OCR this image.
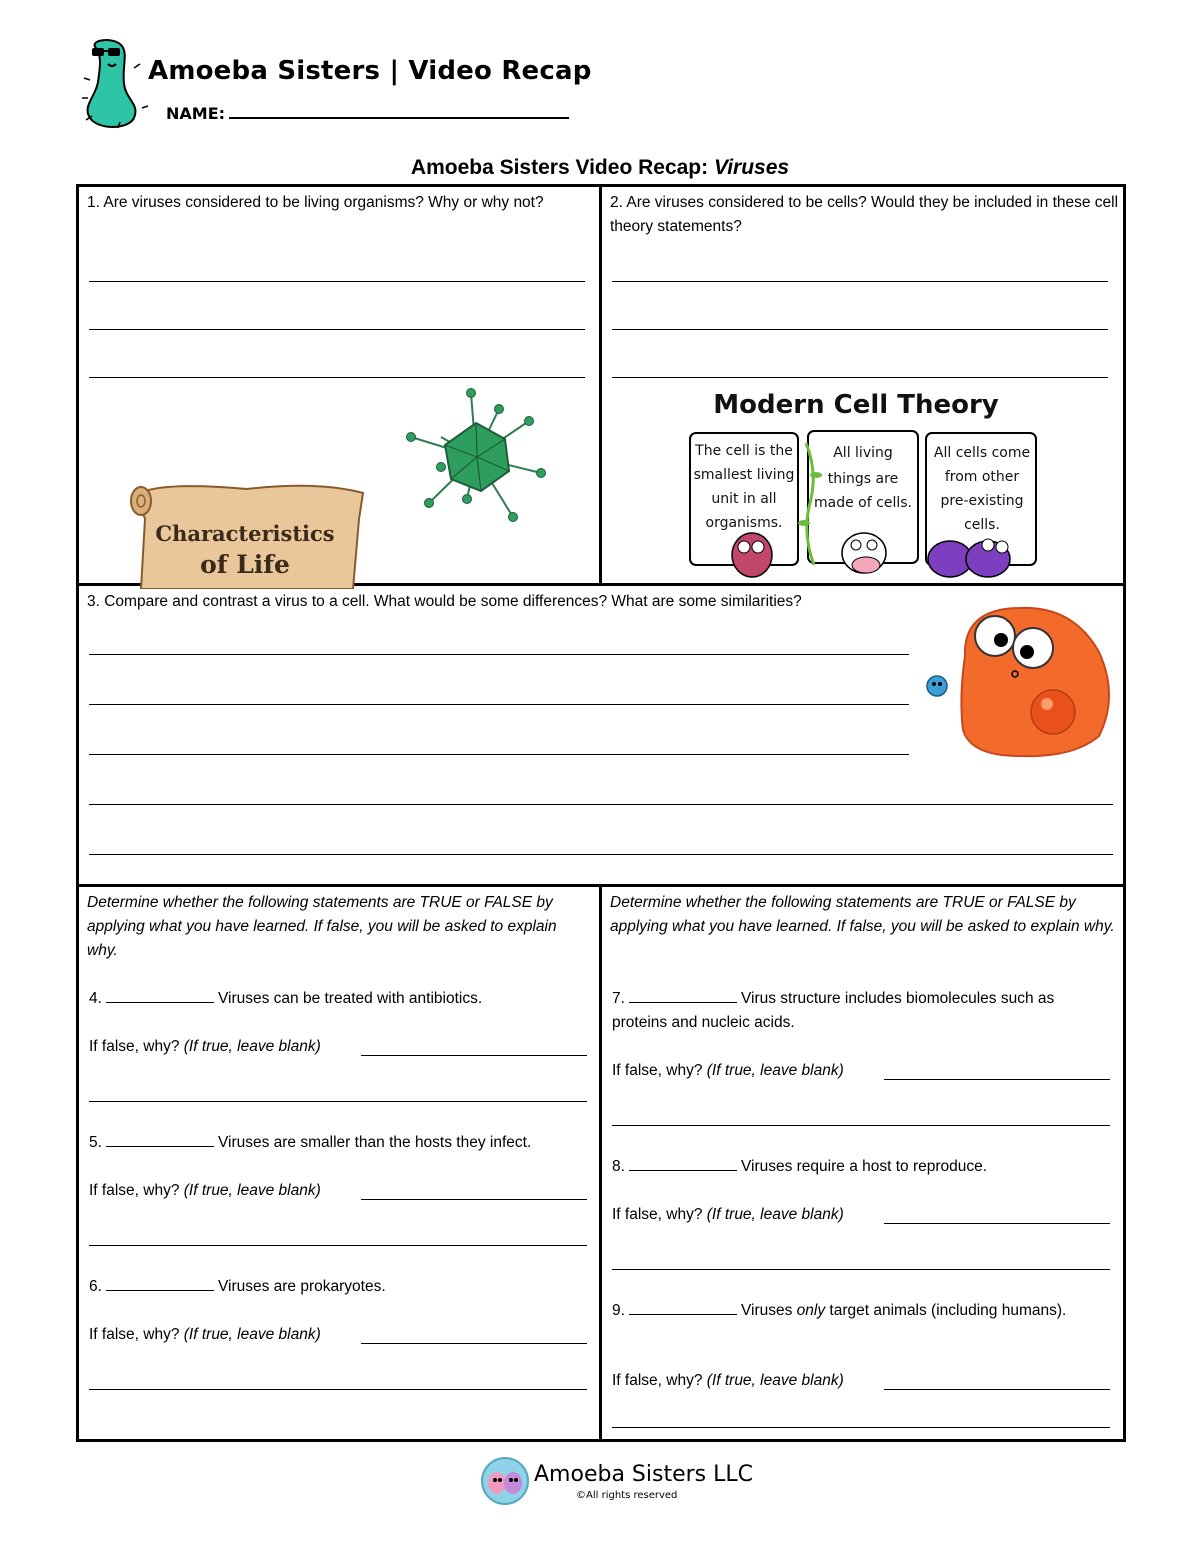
Amoeba Sisters | Video Recap
NAME:
Amoeba Sisters Video Recap: Viruses
1. Are viruses considered to be living organisms? Why or why not?
Characteristics
of Life
2. Are viruses considered to be cells? Would they be included in these cell theory statements?
Modern Cell Theory
The cell is the
smallest living
unit in all
organisms.
All living
things are
made of cells.
All cells come
from other
pre-existing
cells.
3. Compare and contrast a virus to a cell. What would be some differences? What are some similarities?
Determine whether the following statements are TRUE or FALSE by applying what you have learned. If false, you will be asked to explain why.
4.	Viruses can be treated with antibiotics.
If false, why? (If true, leave blank)
5.	Viruses are smaller than the hosts they infect.
If false, why? (If true, leave blank)
6.	Viruses are prokaryotes.
If false, why? (If true, leave blank)
Determine whether the following statements are TRUE or FALSE by applying what you have learned. If false, you will be asked to explain why.
7.	Virus structure includes biomolecules such as proteins and nucleic acids.
If false, why? (If true, leave blank)
8.	Viruses require a host to reproduce.
If false, why? (If true, leave blank)
9.	Viruses only target animals (including humans).
If false, why? (If true, leave blank)
Amoeba Sisters LLC
©All rights reserved
